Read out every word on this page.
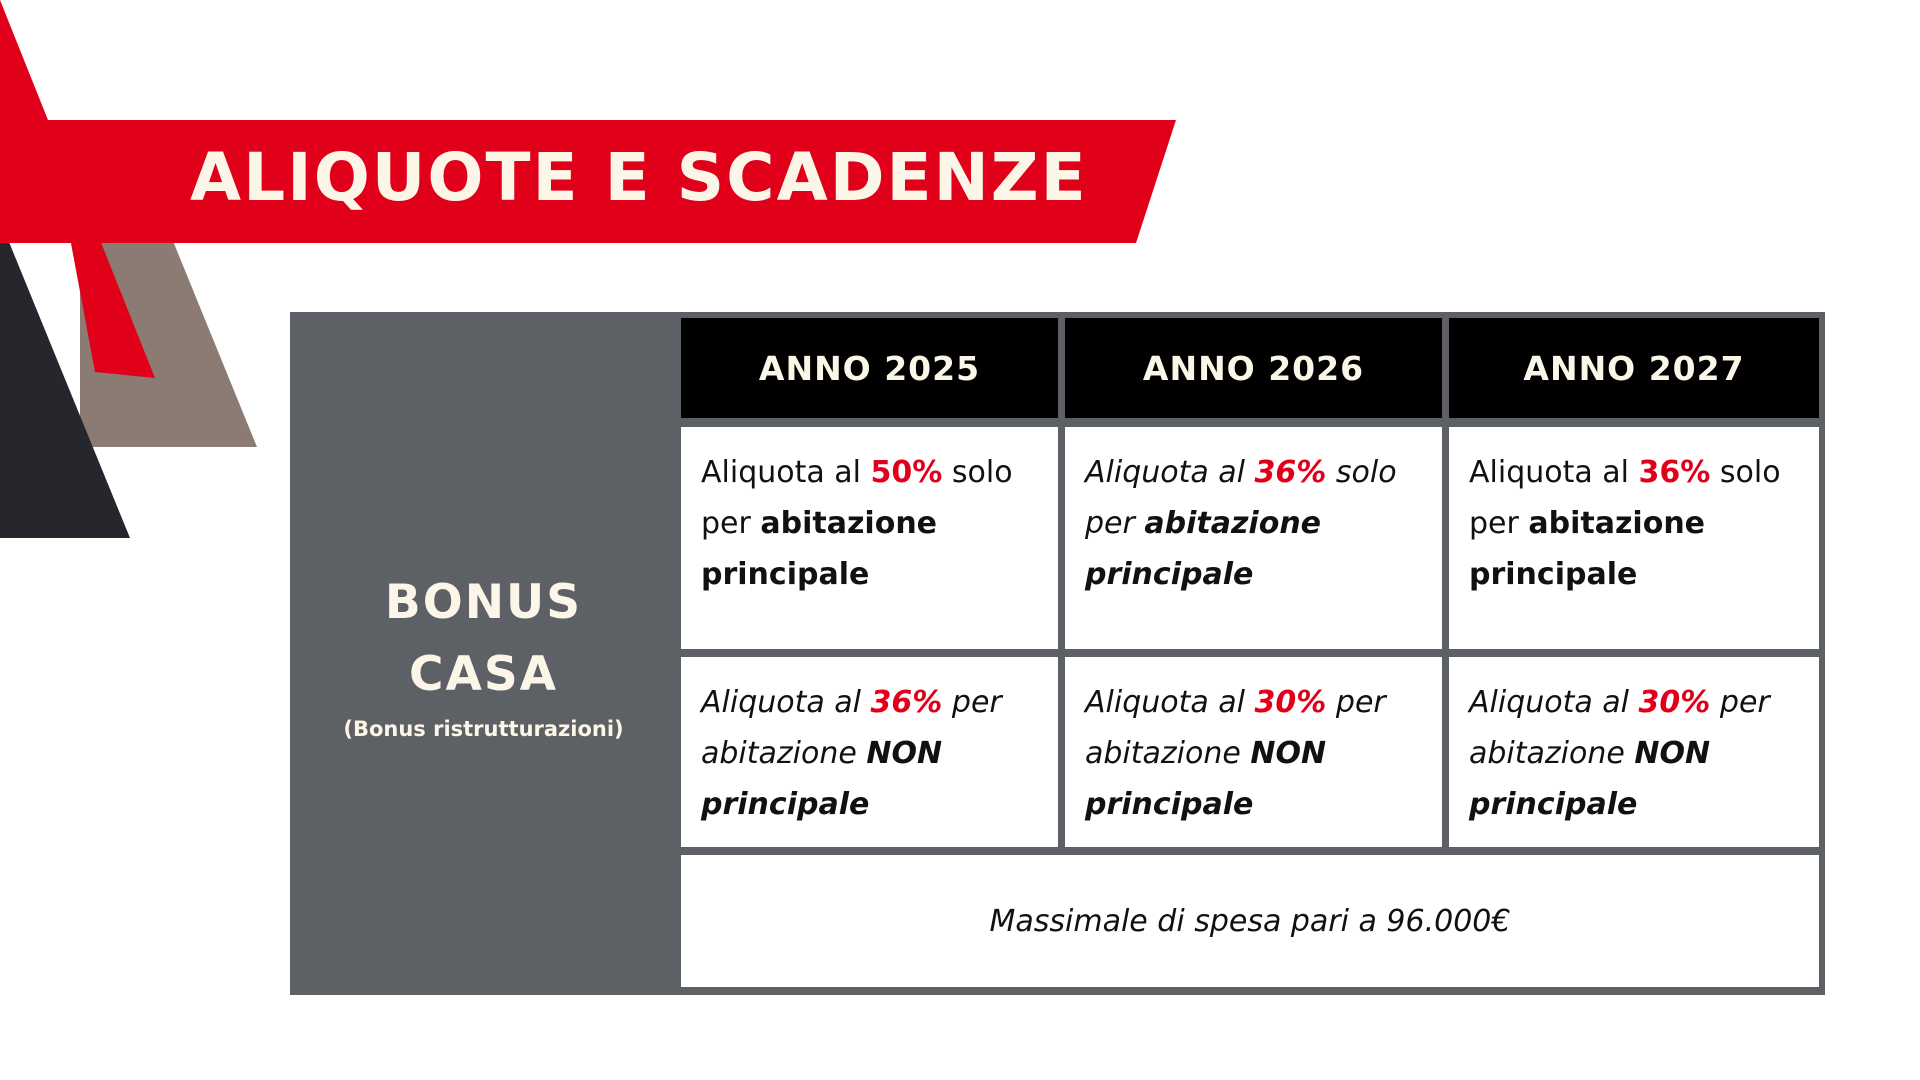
ALIQUOTE E SCADENZE
BONUS
CASA
(Bonus ristrutturazioni)
ANNO 2025	ANNO 2026	ANNO 2027
Aliquota al 50% solo
per abitazione
principale
Aliquota al 36% solo
per abitazione
principale
Aliquota al 36% solo
per abitazione
principale
Aliquota al 36% per
abitazione NON
principale
Aliquota al 30% per
abitazione NON
principale
Aliquota al 30% per
abitazione NON
principale
Massimale di spesa pari a 96.000€
